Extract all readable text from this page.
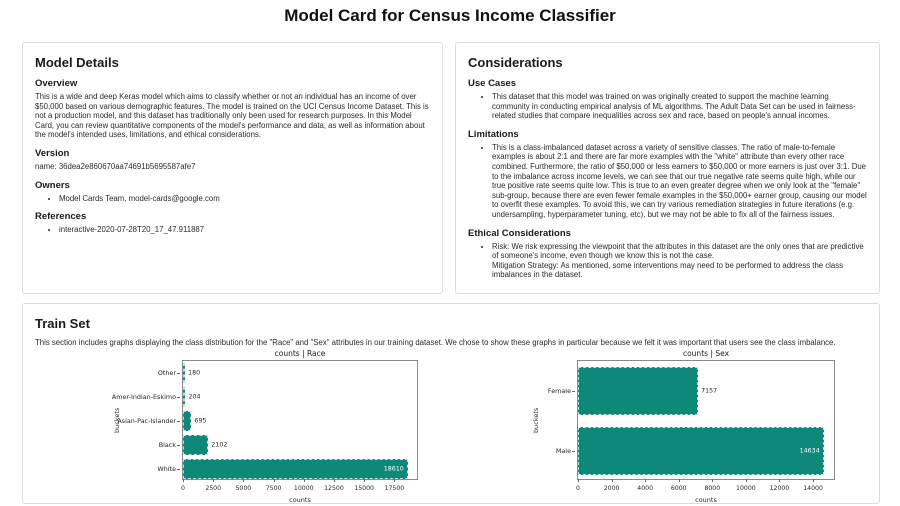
Model Card for Census Income Classifier
Model Details
Overview

This is a wide and deep Keras model which aims to classify whether or not an individual has an income of over $50,000 based on various demographic features. The model is trained on the UCI Census Income Dataset. This is not a production model, and this dataset has traditionally only been used for research purposes. In this Model Card, you can review quantitative components of the model's performance and data, as well as information about the model's intended uses, limitations, and ethical considerations.

Version

name: 36dea2e860670aa74691b5695587afe7

Owners
• Model Cards Team, model-cards@google.com
References
• interactive-2020-07-28T20_17_47.911887
Considerations
Use Cases
• This dataset that this model was trained on was originally created to support the machine learning community in conducting empirical analysis of ML algorithms. The Adult Data Set can be used in fairness-related studies that compare inequalities across sex and race, based on people's annual incomes.
Limitations
• This is a class-imbalanced dataset across a variety of sensitive classes. The ratio of male-to-female examples is about 2:1 and there are far more examples with the "white" attribute than every other race combined. Furthermore, the ratio of $50,000 or less earners to $50,000 or more earners is just over 3:1. Due to the imbalance across income levels, we can see that our true negative rate seems quite high, while our true positive rate seems quite low. This is true to an even greater degree when we only look at the "female" sub-group, because there are even fewer female examples in the $50,000+ earner group, causing our model to overfit these examples. To avoid this, we can try various remediation strategies in future iterations (e.g. undersampling, hyperparameter tuning, etc), but we may not be able to fix all of the fairness issues.
Ethical Considerations
• Risk: We risk expressing the viewpoint that the attributes in this dataset are the only ones that are predictive of someone's income, even though we know this is not the case.
Mitigation Strategy: As mentioned, some interventions may need to be performed to address the class imbalances in the dataset.
Train Set

This section includes graphs displaying the class distribution for the "Race" and "Sex" attributes in our training dataset. We chose to show these graphs in particular because we felt it was important that users see the class imbalance.

counts | Race
buckets
Other 180
Amer-Indian-Eskimo 204
Asian-Pac-Islander	695
Black	2102
White	18610
0	2500 5000 7500 10000 12500 15000 17500
counts
counts | Sex
buckets
Female	7157
Male	14634
0	2000	4000	6000	8000	10000 12000 14000
counts
